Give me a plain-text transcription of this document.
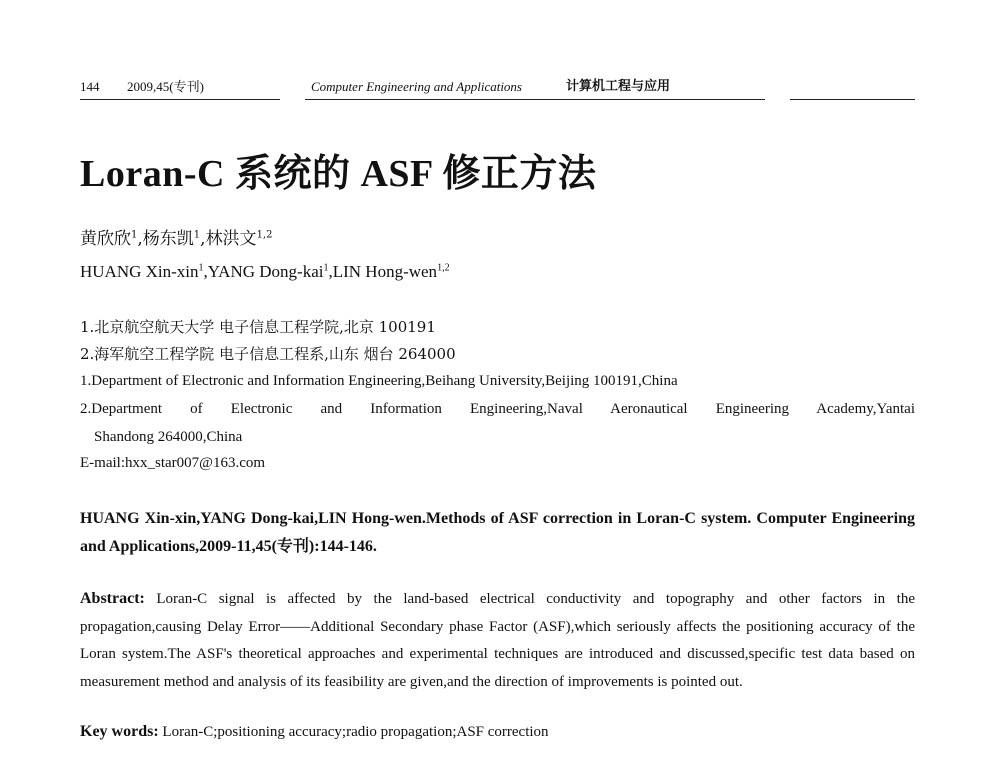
144 2009,45(专刊)	Computer Engineering and Applications	计算机工程与应用
Loran-C 系统的 ASF 修正方法
黄欣欣$^1$,杨东凯$^1$,林洪文$^{1,2}$
HUANG Xin-xin$^1$,YANG Dong-kai$^1$,LIN Hong-wen$^{1,2}$
1.北京航空航天大学 电子信息工程学院,北京 100191
2.海军航空工程学院 电子信息工程系,山东 烟台 264000
1.Department of Electronic and Information Engineering,Beihang University,Beijing 100191,China
2.Department of Electronic and Information Engineering,Naval Aeronautical Engineering Academy,Yantai
Shandong 264000,China
E-mail:hxx_star007@163.com
HUANG Xin-xin,YANG Dong-kai,LIN Hong-wen.Methods of ASF correction in Loran-C system. Computer Engineering and Applications,2009-11,45(专刊):144-146.
Abstract: Loran-C signal is affected by the land-based electrical conductivity and topography and other factors in the propagation,causing Delay Error——Additional Secondary phase Factor (ASF),which seriously affects the positioning accuracy of the Loran system.The ASF's theoretical approaches and experimental techniques are introduced and discussed,specific test data based on measurement method and analysis of its feasibility are given,and the direction of improvements is pointed out.
Key words: Loran-C;positioning accuracy;radio propagation;ASF correction
